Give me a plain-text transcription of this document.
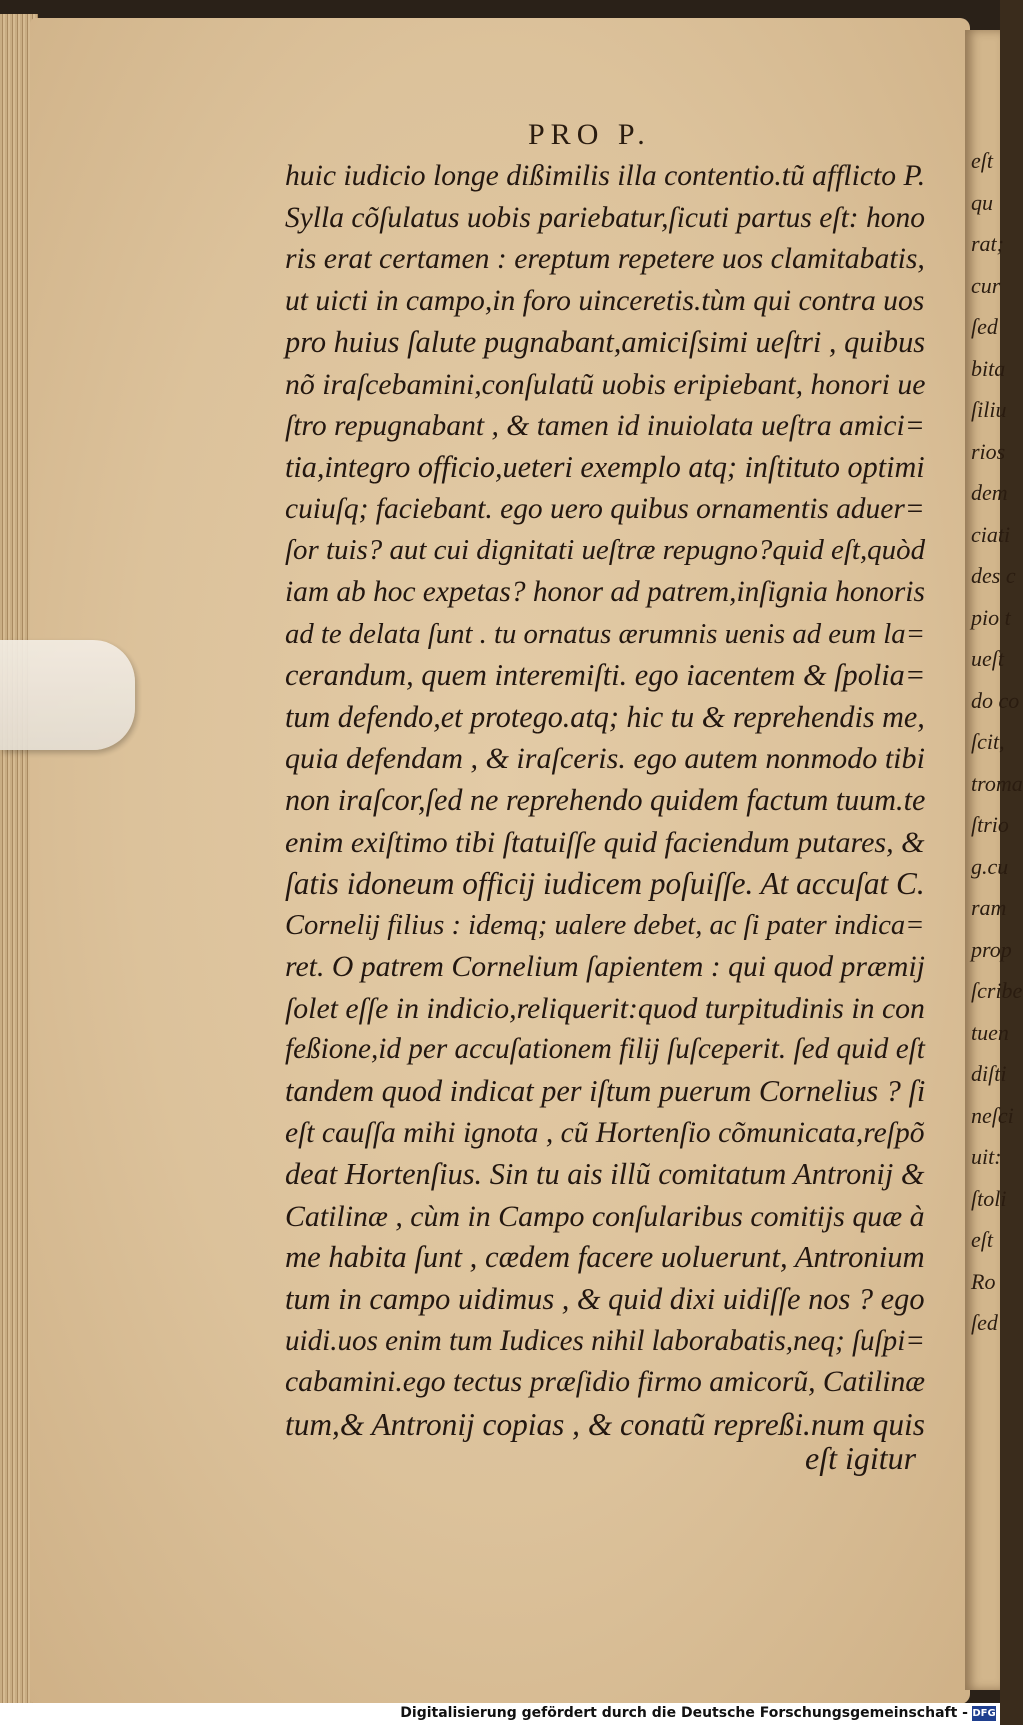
eſt
qu
rat;
cur
ſed
bita
ſiliu
rios
dem
ciati
des c
pio t
ueſt
do co
ſcit,
troma
ſtrio
g.cu
ram
prop
ſcribe
tuen
diſti
neſci
uit:
ſtoli
eſt
Ro
ſed
PRO P.
huic iudicio longe dißimilis illa contentio.tũ afflicto P.
Sylla cõſulatus uobis pariebatur,ſicuti partus eſt: hono
ris erat certamen : ereptum repetere uos clamitabatis,
ut uicti in campo,in foro uinceretis.tùm qui contra uos
pro huius ſalute pugnabant,amiciſsimi ueſtri , quibus
nõ iraſcebamini,conſulatũ uobis eripiebant, honori ue
ſtro repugnabant , & tamen id inuiolata ueſtra amici=
tia,integro officio,ueteri exemplo atq; inſtituto optimi
cuiuſq; faciebant. ego uero quibus ornamentis aduer=
ſor tuis? aut cui dignitati ueſtræ repugno?quid eſt,quòd
iam ab hoc expetas? honor ad patrem,inſignia honoris
ad te delata ſunt . tu ornatus ærumnis uenis ad eum la=
cerandum, quem interemiſti. ego iacentem & ſpolia=
tum defendo,et protego.atq; hic tu & reprehendis me,
quia defendam , & iraſceris. ego autem nonmodo tibi
non iraſcor,ſed ne reprehendo quidem factum tuum.te
enim exiſtimo tibi ſtatuiſſe quid faciendum putares, &
ſatis idoneum officij iudicem poſuiſſe. At accuſat C.
Cornelij filius : idemq; ualere debet, ac ſi pater indica=
ret. O patrem Cornelium ſapientem : qui quod præmij
ſolet eſſe in indicio,reliquerit:quod turpitudinis in con
feßione,id per accuſationem filij ſuſceperit. ſed quid eſt
tandem quod indicat per iſtum puerum Cornelius ? ſi
eſt cauſſa mihi ignota , cũ Hortenſio cõmunicata,reſpõ
deat Hortenſius. Sin tu ais illũ comitatum Antronij &
Catilinæ , cùm in Campo conſularibus comitijs quæ à
me habita ſunt , cædem facere uoluerunt, Antronium
tum in campo uidimus , & quid dixi uidiſſe nos ? ego
uidi.uos enim tum Iudices nihil laborabatis,neq; ſuſpi=
cabamini.ego tectus præſidio firmo amicorũ, Catilinæ
tum,& Antronij copias , & conatũ repreßi.num quis
eſt igitur
Digitalisierung gefördert durch die Deutsche Forschungsgemeinschaft - DFG
